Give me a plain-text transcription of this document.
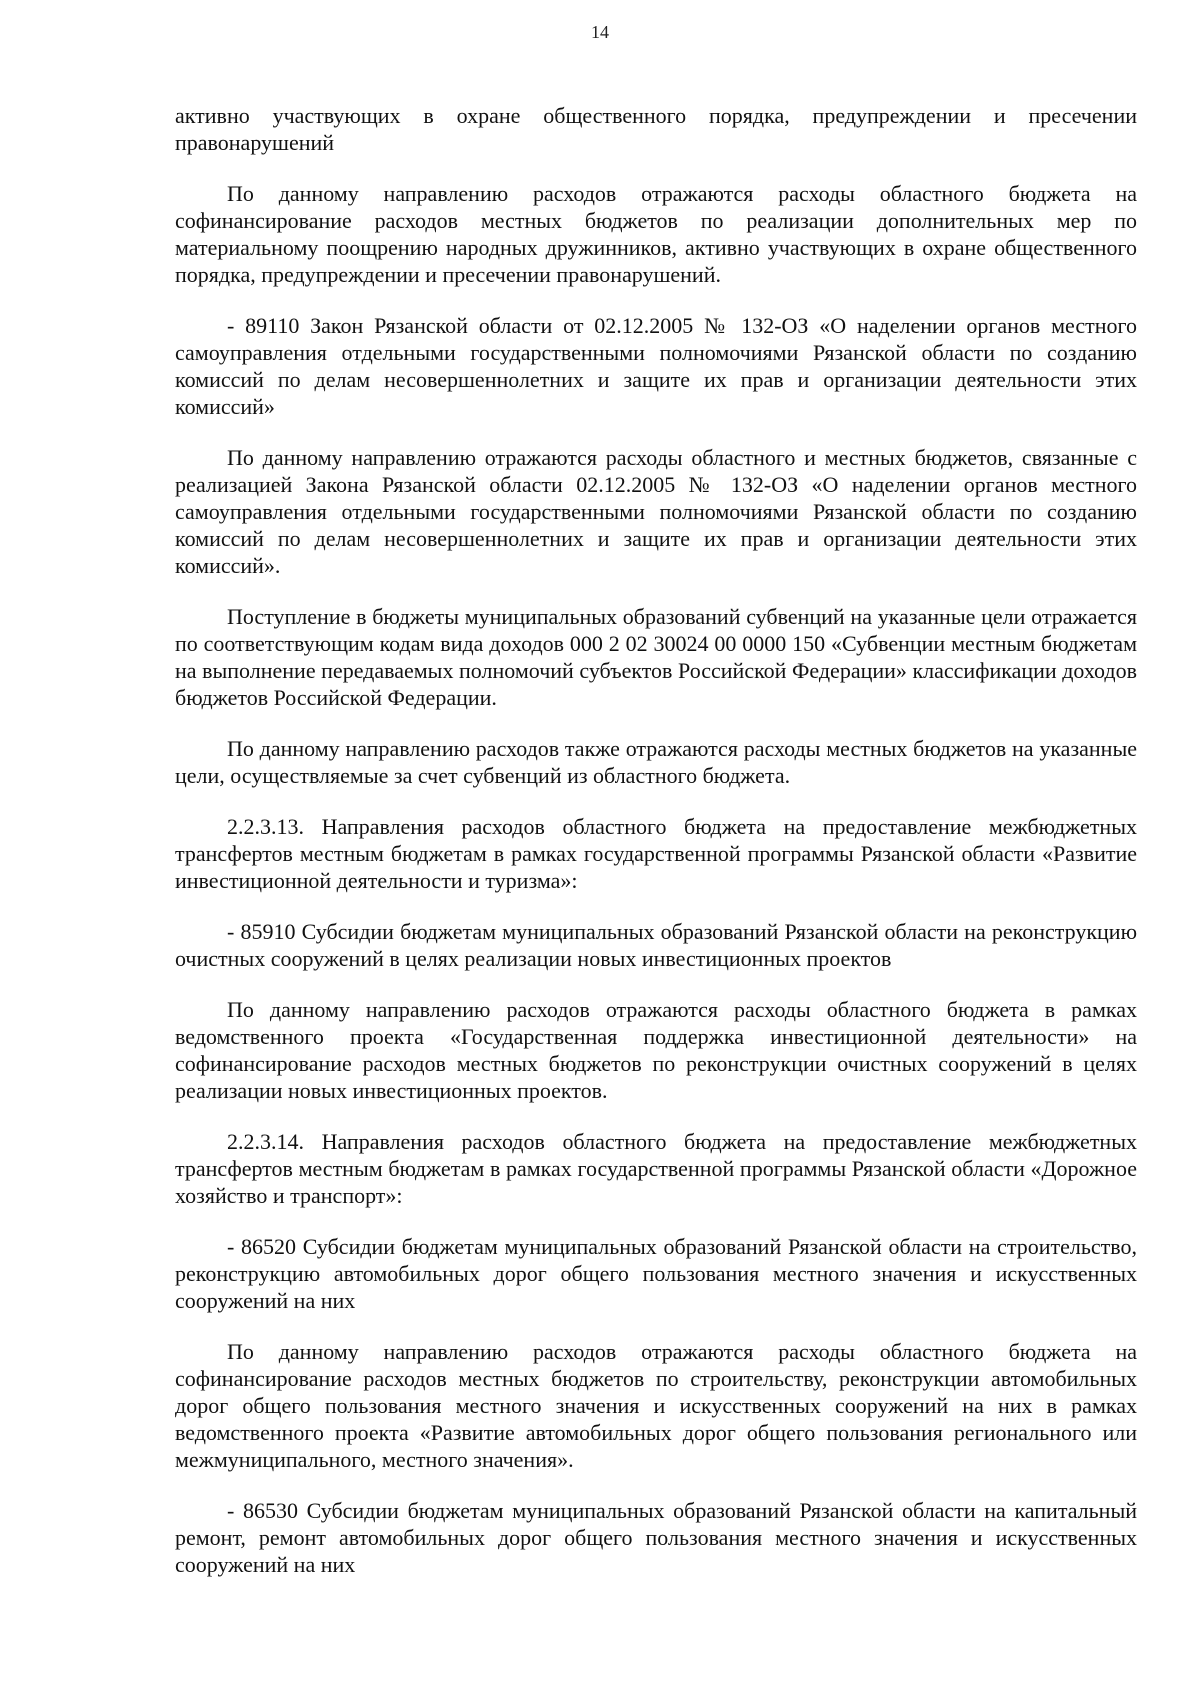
14

активно участвующих в охране общественного порядка, предупреждении и пресечении правонарушений

По данному направлению расходов отражаются расходы областного бюджета на софинансирование расходов местных бюджетов по реализации дополнительных мер по материальному поощрению народных дружинников, активно участвующих в охране общественного порядка, предупреждении и пресечении правонарушений.

- 89110 Закон Рязанской области от 02.12.2005 № 132-ОЗ «О наделении органов местного самоуправления отдельными государственными полномочиями Рязанской области по созданию комиссий по делам несовершеннолетних и защите их прав и организации деятельности этих комиссий»

По данному направлению отражаются расходы областного и местных бюджетов, связанные с реализацией Закона Рязанской области 02.12.2005 № 132-ОЗ «О наделении органов местного самоуправления отдельными государственными полномочиями Рязанской области по созданию комиссий по делам несовершеннолетних и защите их прав и организации деятельности этих комиссий».

Поступление в бюджеты муниципальных образований субвенций на указанные цели отражается по соответствующим кодам вида доходов 000 2 02 30024 00 0000 150 «Субвенции местным бюджетам на выполнение передаваемых полномочий субъектов Российской Федерации» классификации доходов бюджетов Российской Федерации.

По данному направлению расходов также отражаются расходы местных бюджетов на указанные цели, осуществляемые за счет субвенций из областного бюджета.

2.2.3.13. Направления расходов областного бюджета на предоставление межбюджетных трансфертов местным бюджетам в рамках государственной программы Рязанской области «Развитие инвестиционной деятельности и туризма»:

- 85910 Субсидии бюджетам муниципальных образований Рязанской области на реконструкцию очистных сооружений в целях реализации новых инвестиционных проектов

По данному направлению расходов отражаются расходы областного бюджета в рамках ведомственного проекта «Государственная поддержка инвестиционной деятельности» на софинансирование расходов местных бюджетов по реконструкции очистных сооружений в целях реализации новых инвестиционных проектов.

2.2.3.14. Направления расходов областного бюджета на предоставление межбюджетных трансфертов местным бюджетам в рамках государственной программы Рязанской области «Дорожное хозяйство и транспорт»:

- 86520 Субсидии бюджетам муниципальных образований Рязанской области на строительство, реконструкцию автомобильных дорог общего пользования местного значения и искусственных сооружений на них

По данному направлению расходов отражаются расходы областного бюджета на софинансирование расходов местных бюджетов по строительству, реконструкции автомобильных дорог общего пользования местного значения и искусственных сооружений на них в рамках ведомственного проекта «Развитие автомобильных дорог общего пользования регионального или межмуниципального, местного значения».

- 86530 Субсидии бюджетам муниципальных образований Рязанской области на капитальный ремонт, ремонт автомобильных дорог общего пользования местного значения и искусственных сооружений на них
